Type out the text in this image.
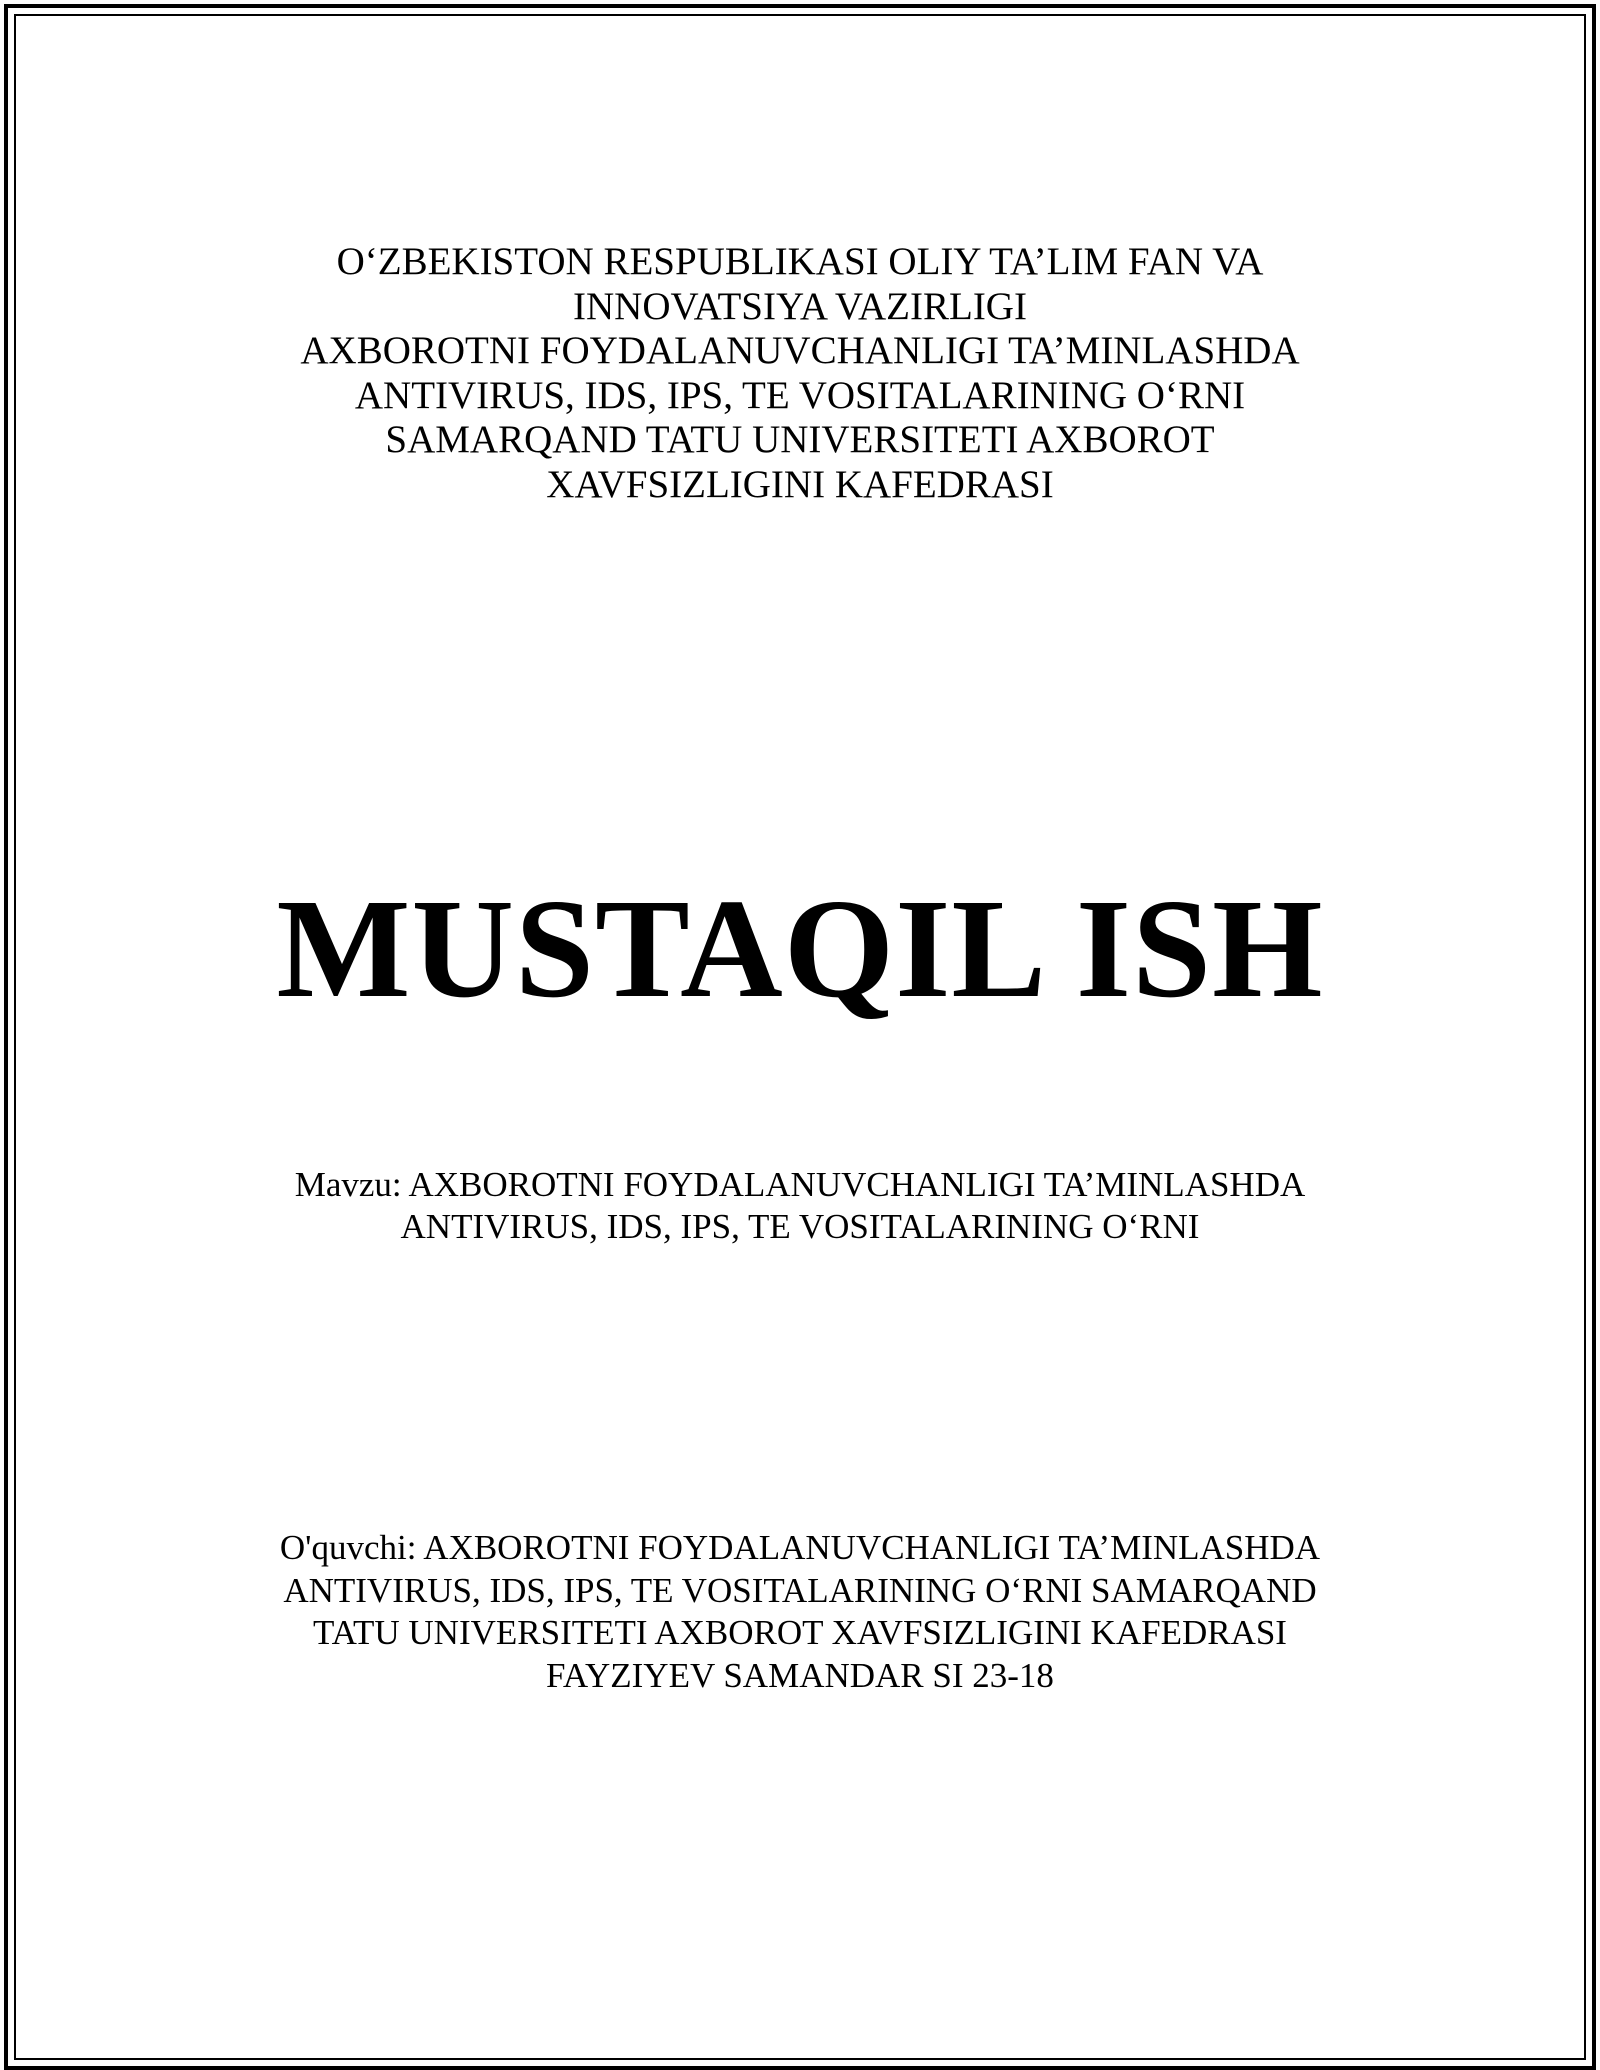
O‘ZBEKISTON RESPUBLIKASI OLIY TA’LIM FAN VA
INNOVATSIYA VAZIRLIGI
AXBOROTNI FOYDALANUVCHANLIGI TA’MINLASHDA
ANTIVIRUS, IDS, IPS, TE VOSITALARINING O‘RNI
SAMARQAND TATU UNIVERSITETI AXBOROT
XAVFSIZLIGINI KAFEDRASI
MUSTAQIL ISH
Mavzu: AXBOROTNI FOYDALANUVCHANLIGI TA’MINLASHDA
ANTIVIRUS, IDS, IPS, TE VOSITALARINING O‘RNI
O'quvchi: AXBOROTNI FOYDALANUVCHANLIGI TA’MINLASHDA
ANTIVIRUS, IDS, IPS, TE VOSITALARINING O‘RNI SAMARQAND
TATU UNIVERSITETI AXBOROT XAVFSIZLIGINI KAFEDRASI
FAYZIYEV SAMANDAR SI 23-18
